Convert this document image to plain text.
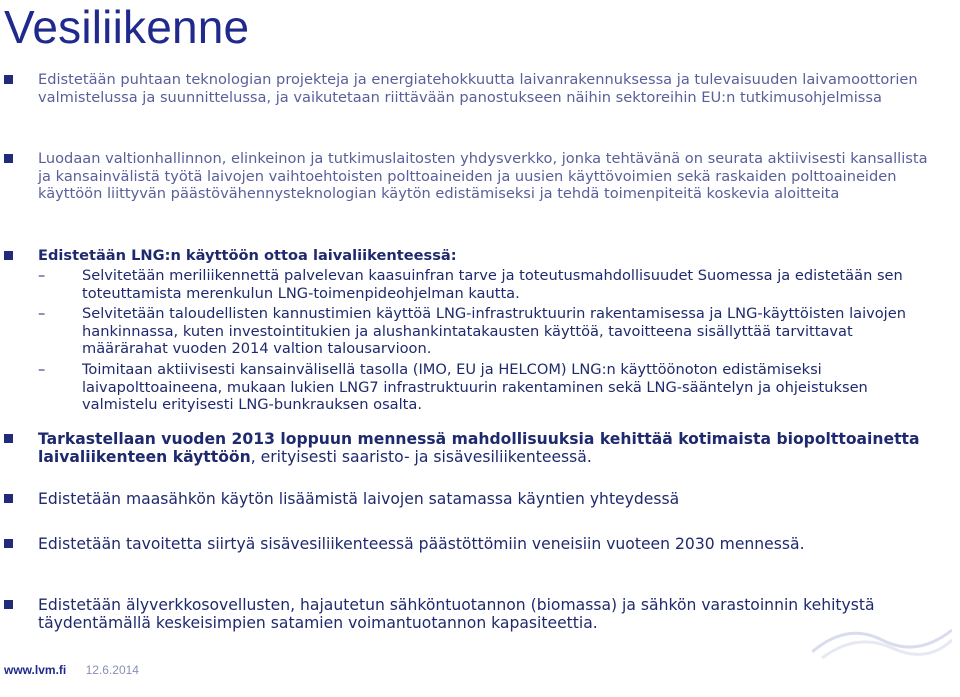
Vesiliikenne

Edistetään puhtaan teknologian projekteja ja energiatehokkuutta laivanrakennuksessa ja tulevaisuuden laivamoottorien valmistelussa ja suunnittelussa, ja vaikutetaan riittävään panostukseen näihin sektoreihin EU:n tutkimusohjelmissa

Luodaan valtionhallinnon, elinkeinon ja tutkimuslaitosten yhdysverkko, jonka tehtävänä on seurata aktiivisesti kansallista ja kansainvälistä työtä laivojen vaihtoehtoisten polttoaineiden ja uusien käyttövoimien sekä raskaiden polttoaineiden käyttöön liittyvän päästövähennysteknologian käytön edistämiseksi ja tehdä toimenpiteitä koskevia aloitteita

Edistetään LNG:n käyttöön ottoa laivaliikenteessä:

–	Selvitetään meriliikennettä palvelevan kaasuinfran tarve ja toteutusmahdollisuudet Suomessa ja edistetään sen toteuttamista merenkulun LNG-toimenpideohjelman kautta.

–	Selvitetään taloudellisten kannustimien käyttöä LNG-infrastruktuurin rakentamisessa ja LNG-käyttöisten laivojen hankinnassa, kuten investointitukien ja alushankintatakausten käyttöä, tavoitteena sisällyttää tarvittavat määrärahat vuoden 2014 valtion talousarvioon.

–	Toimitaan aktiivisesti kansainvälisellä tasolla (IMO, EU ja HELCOM) LNG:n käyttöönoton edistämiseksi laivapolttoaineena, mukaan lukien LNG7 infrastruktuurin rakentaminen sekä LNG-sääntelyn ja ohjeistuksen valmistelu erityisesti LNG-bunkrauksen osalta.

Tarkastellaan vuoden 2013 loppuun mennessä mahdollisuuksia kehittää kotimaista biopolttoainetta laivaliikenteen käyttöön, erityisesti saaristo- ja sisävesiliikenteessä.

Edistetään maasähkön käytön lisäämistä laivojen satamassa käyntien yhteydessä

Edistetään tavoitetta siirtyä sisävesiliikenteessä päästöttömiin veneisiin vuoteen 2030 mennessä.

Edistetään älyverkkosovellusten, hajautetun sähköntuotannon (biomassa) ja sähkön varastoinnin kehitystä täydentämällä keskeisimpien satamien voimantuotannon kapasiteettia.

www.lvm.fi 12.6.2014
